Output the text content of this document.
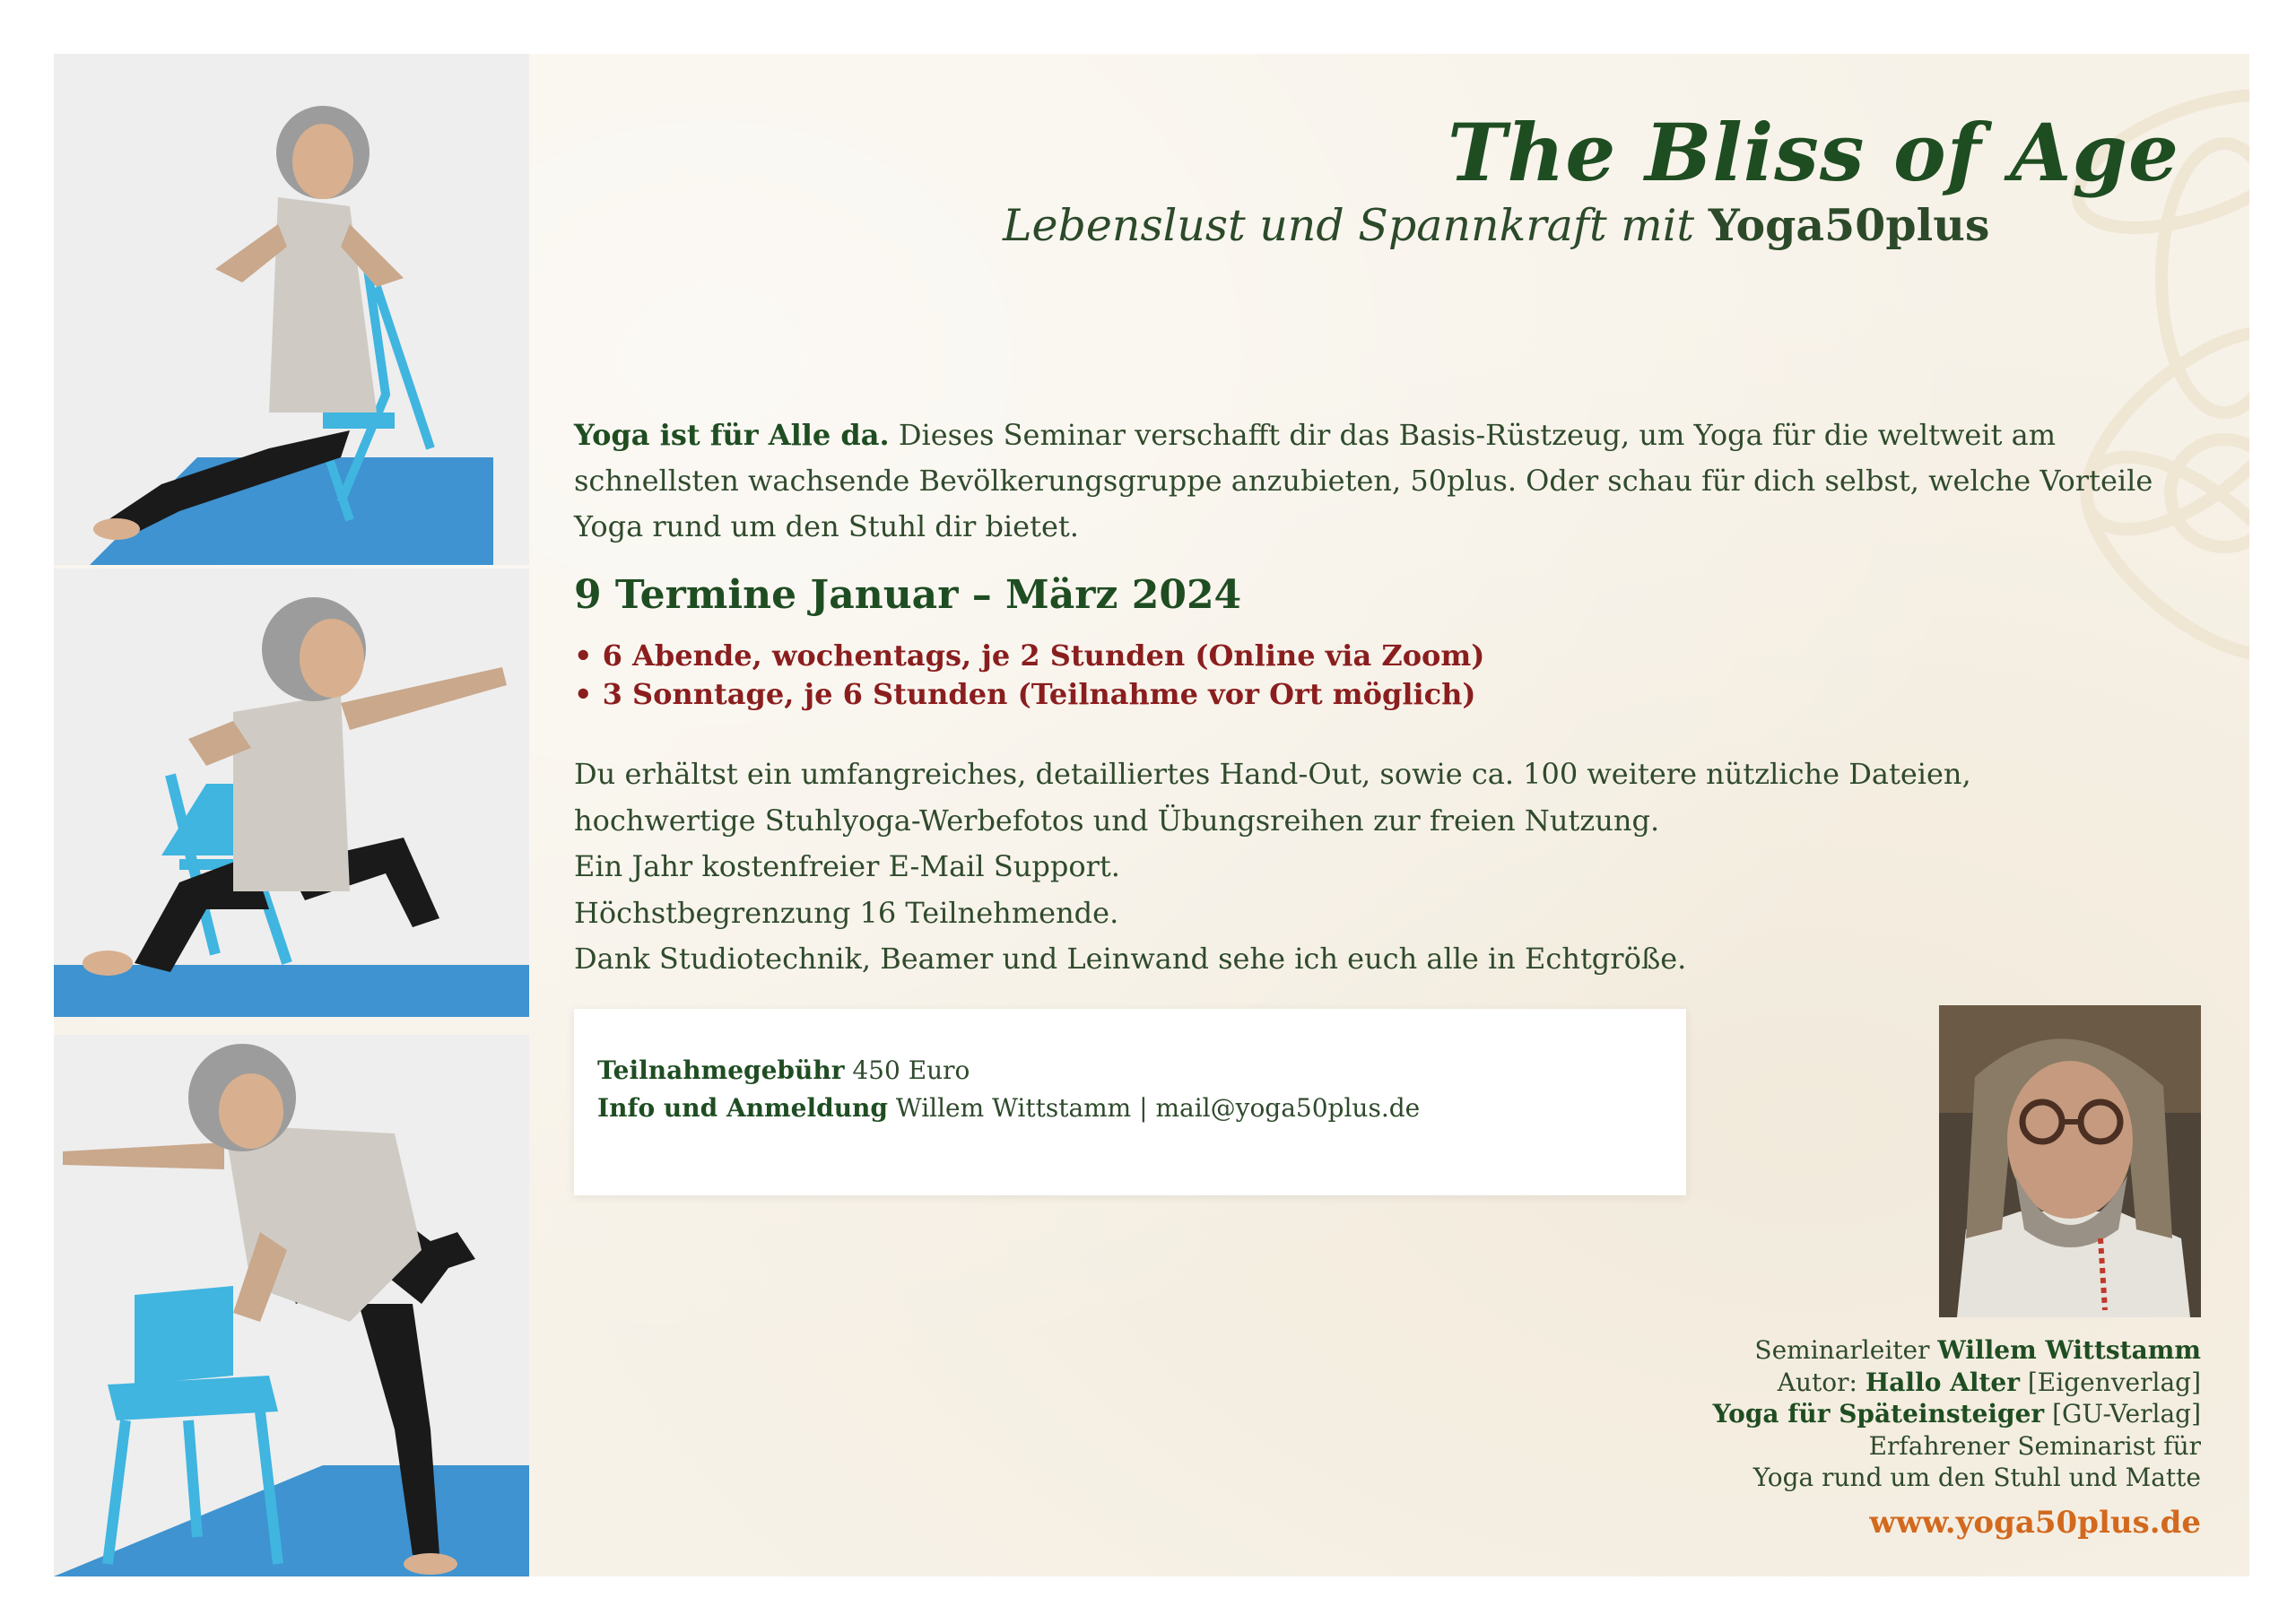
The Bliss of Age
Lebenslust und Spannkraft mit Yoga50plus

Yoga ist für Alle da. Dieses Seminar verschafft dir das Basis-Rüstzeug, um Yoga für die weltweit am schnellsten wachsende Bevölkerungsgruppe anzubieten, 50plus. Oder schau für dich selbst, welche Vorteile Yoga rund um den Stuhl dir bietet.

9 Termine Januar – März 2024
• 6 Abende, wochentags, je 2 Stunden (Online via Zoom)
• 3 Sonntage, je 6 Stunden (Teilnahme vor Ort möglich)
Du erhältst ein umfangreiches, detailliertes Hand-Out, sowie ca. 100 weitere nützliche Dateien,
hochwertige Stuhlyoga-Werbefotos und Übungsreihen zur freien Nutzung.
Ein Jahr kostenfreier E-Mail Support.
Höchstbegrenzung 16 Teilnehmende.
Dank Studiotechnik, Beamer und Leinwand sehe ich euch alle in Echtgröße.
Teilnahmegebühr 450 Euro
Info und Anmeldung Willem Wittstamm | mail@yoga50plus.de
Seminarleiter Willem Wittstamm
Autor: Hallo Alter [Eigenverlag]
Yoga für Späteinsteiger [GU-Verlag]
Erfahrener Seminarist für
Yoga rund um den Stuhl und Matte
www.yoga50plus.de
